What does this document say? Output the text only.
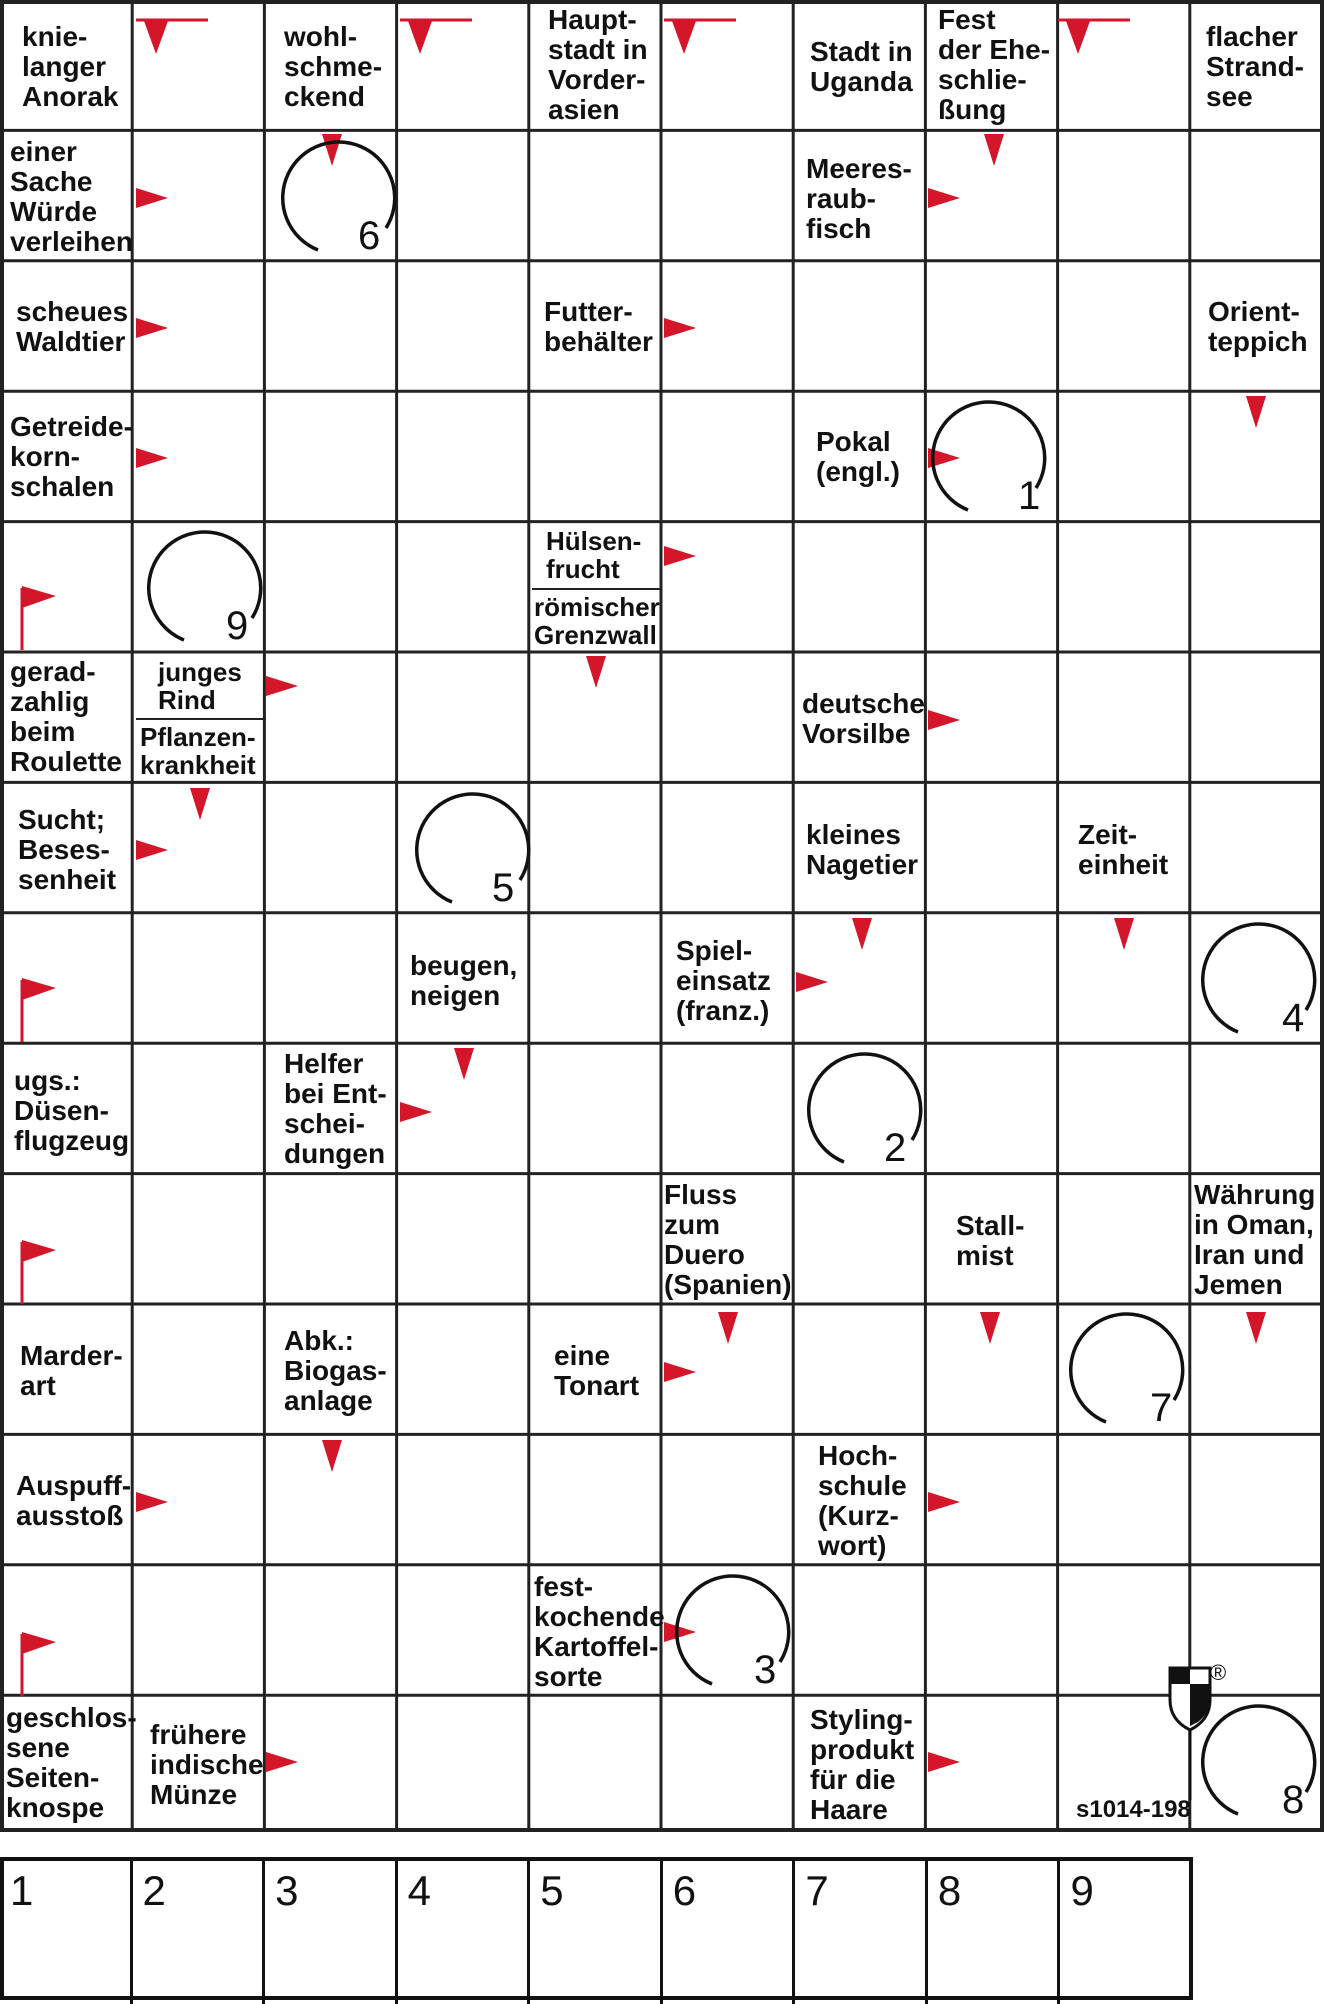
knie-
langer
Anorak
wohl-
schme-
ckend
Haupt-
stadt in
Vorder-
asien
Stadt in
Uganda
Fest
der Ehe-
schlie-
ßung
flacher
Strand-
see
einer
Sache
Würde
verleihen
Meeres-
raub-
fisch
scheues
Waldtier
Futter-
behälter
Orient-
teppich
Getreide-
korn-
schalen
Pokal
(engl.)
Hülsen-
frucht
römischer
Grenzwall
gerad-
zahlig
beim
Roulette
junges
Rind
Pflanzen-
krankheit
deutsche
Vorsilbe
Sucht;
Beses-
senheit
kleines
Nagetier
Zeit-
einheit
beugen,
neigen
Spiel-
einsatz
(franz.)
ugs.:
Düsen-
flugzeug
Helfer
bei Ent-
schei-
dungen
Fluss
zum
Duero
(Spanien)
Stall-
mist
Währung
in Oman,
Iran und
Jemen
Marder-
art
Abk.:
Biogas-
anlage
eine
Tonart
Auspuff-
ausstoß
Hoch-
schule
(Kurz-
wort)
fest-
kochende
Kartoffel-
sorte
geschlos-
sene
Seiten-
knospe
frühere
indische
Münze
Styling-
produkt
für die
Haare
1
2
3
4
5
6
7
8
9
s1014-198
®
1	2	3	4	5	6	7	8	9
